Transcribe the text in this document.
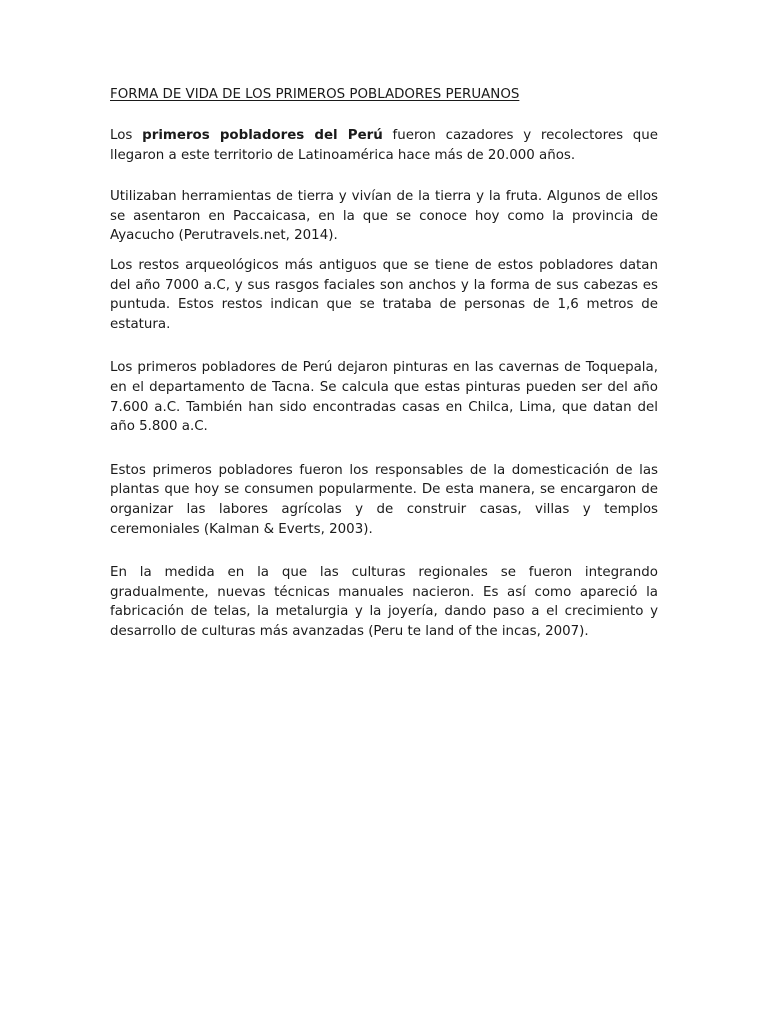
FORMA DE VIDA DE LOS PRIMEROS POBLADORES PERUANOS

Los primeros pobladores del Perú fueron cazadores y recolectores que llegaron a este territorio de Latinoamérica hace más de 20.000 años.

Utilizaban herramientas de tierra y vivían de la tierra y la fruta. Algunos de ellos se asentaron en Paccaicasa, en la que se conoce hoy como la provincia de Ayacucho (Perutravels.net, 2014).

Los restos arqueológicos más antiguos que se tiene de estos pobladores datan del año 7000 a.C, y sus rasgos faciales son anchos y la forma de sus cabezas es puntuda. Estos restos indican que se trataba de personas de 1,6 metros de estatura.

Los primeros pobladores de Perú dejaron pinturas en las cavernas de Toquepala, en el departamento de Tacna. Se calcula que estas pinturas pueden ser del año 7.600 a.C. También han sido encontradas casas en Chilca, Lima, que datan del año 5.800 a.C.

Estos primeros pobladores fueron los responsables de la domesticación de las plantas que hoy se consumen popularmente. De esta manera, se encargaron de organizar las labores agrícolas y de construir casas, villas y templos ceremoniales (Kalman & Everts, 2003).

En la medida en la que las culturas regionales se fueron integrando gradualmente, nuevas técnicas manuales nacieron. Es así como apareció la fabricación de telas, la metalurgia y la joyería, dando paso a el crecimiento y desarrollo de culturas más avanzadas (Peru te land of the incas, 2007).
